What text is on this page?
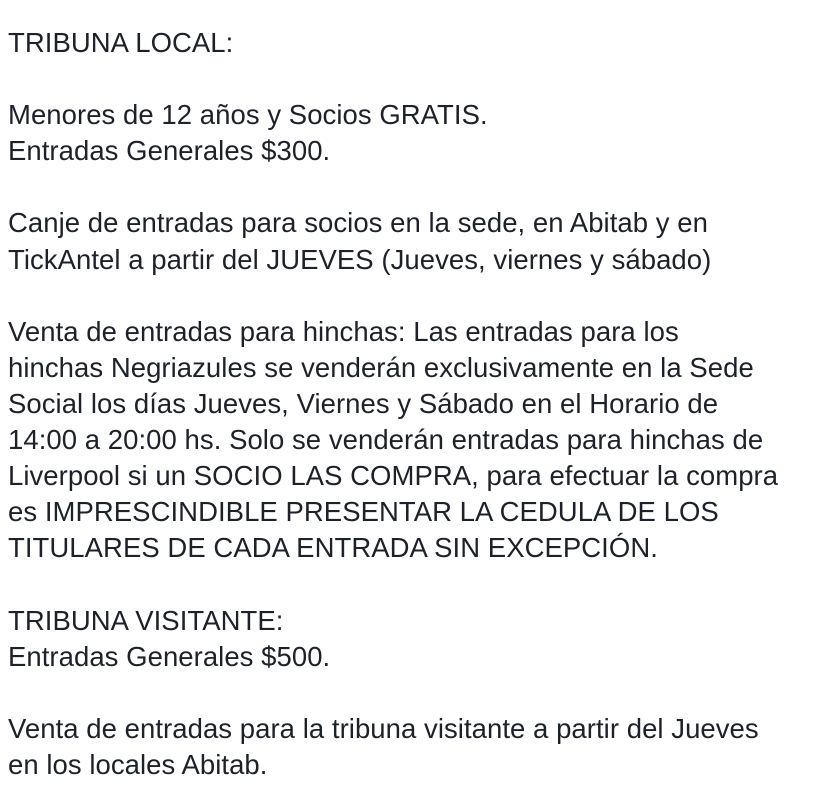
TRIBUNA LOCAL:
Menores de 12 años y Socios GRATIS.
Entradas Generales $300.
Canje de entradas para socios en la sede, en Abitab y en
TickAntel a partir del JUEVES (Jueves, viernes y sábado)
Venta de entradas para hinchas: Las entradas para los
hinchas Negriazules se venderán exclusivamente en la Sede
Social los días Jueves, Viernes y Sábado en el Horario de
14:00 a 20:00 hs. Solo se venderán entradas para hinchas de
Liverpool si un SOCIO LAS COMPRA, para efectuar la compra
es IMPRESCINDIBLE PRESENTAR LA CEDULA DE LOS
TITULARES DE CADA ENTRADA SIN EXCEPCIÓN.
TRIBUNA VISITANTE:
Entradas Generales $500.
Venta de entradas para la tribuna visitante a partir del Jueves
en los locales Abitab.
